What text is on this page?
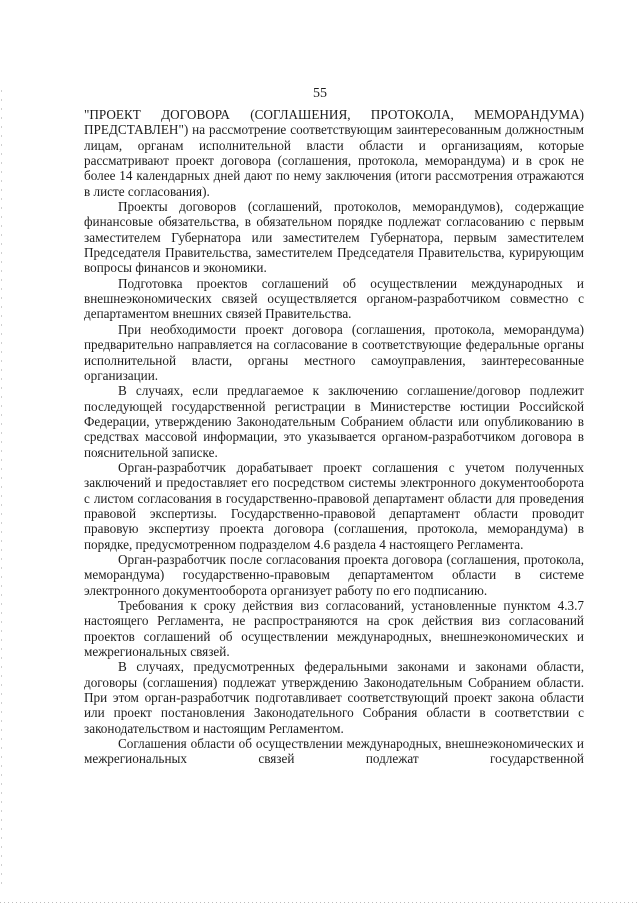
55

"ПРОЕКТ ДОГОВОРА (СОГЛАШЕНИЯ, ПРОТОКОЛА, МЕМОРАНДУМА) ПРЕДСТАВЛЕН") на рассмотрение соответствующим заинтересованным должностным лицам, органам исполнительной власти области и организациям, которые рассматривают проект договора (соглашения, протокола, меморандума) и в срок не более 14 календарных дней дают по нему заключения (итоги рассмотрения отражаются в листе согласования).

Проекты договоров (соглашений, протоколов, меморандумов), содержащие финансовые обязательства, в обязательном порядке подлежат согласованию с первым заместителем Губернатора или заместителем Губернатора, первым заместителем Председателя Правительства, заместителем Председателя Правительства, курирующим вопросы финансов и экономики.

Подготовка проектов соглашений об осуществлении международных и внешнеэкономических связей осуществляется органом-разработчиком совместно с департаментом внешних связей Правительства.

При необходимости проект договора (соглашения, протокола, меморандума) предварительно направляется на согласование в соответствующие федеральные органы исполнительной власти, органы местного самоуправления, заинтересованные организации.

В случаях, если предлагаемое к заключению соглашение/договор подлежит последующей государственной регистрации в Министерстве юстиции Российской Федерации, утверждению Законодательным Собранием области или опубликованию в средствах массовой информации, это указывается органом-разработчиком договора в пояснительной записке.

Орган-разработчик дорабатывает проект соглашения с учетом полученных заключений и предоставляет его посредством системы электронного документооборота с листом согласования в государственно-правовой департамент области для проведения правовой экспертизы. Государственно-правовой департамент области проводит правовую экспертизу проекта договора (соглашения, протокола, меморандума) в порядке, предусмотренном подразделом 4.6 раздела 4 настоящего Регламента.

Орган-разработчик после согласования проекта договора (соглашения, протокола, меморандума) государственно-правовым департаментом области в системе электронного документооборота организует работу по его подписанию.

Требования к сроку действия виз согласований, установленные пунктом 4.3.7 настоящего Регламента, не распространяются на срок действия виз согласований проектов соглашений об осуществлении международных, внешнеэкономических и межрегиональных связей.

В случаях, предусмотренных федеральными законами и законами области, договоры (соглашения) подлежат утверждению Законодательным Собранием области. При этом орган-разработчик подготавливает соответствующий проект закона области или проект постановления Законодательного Собрания области в соответствии с законодательством и настоящим Регламентом.

Соглашения области об осуществлении международных, внешнеэкономических и межрегиональных связей подлежат государственной
